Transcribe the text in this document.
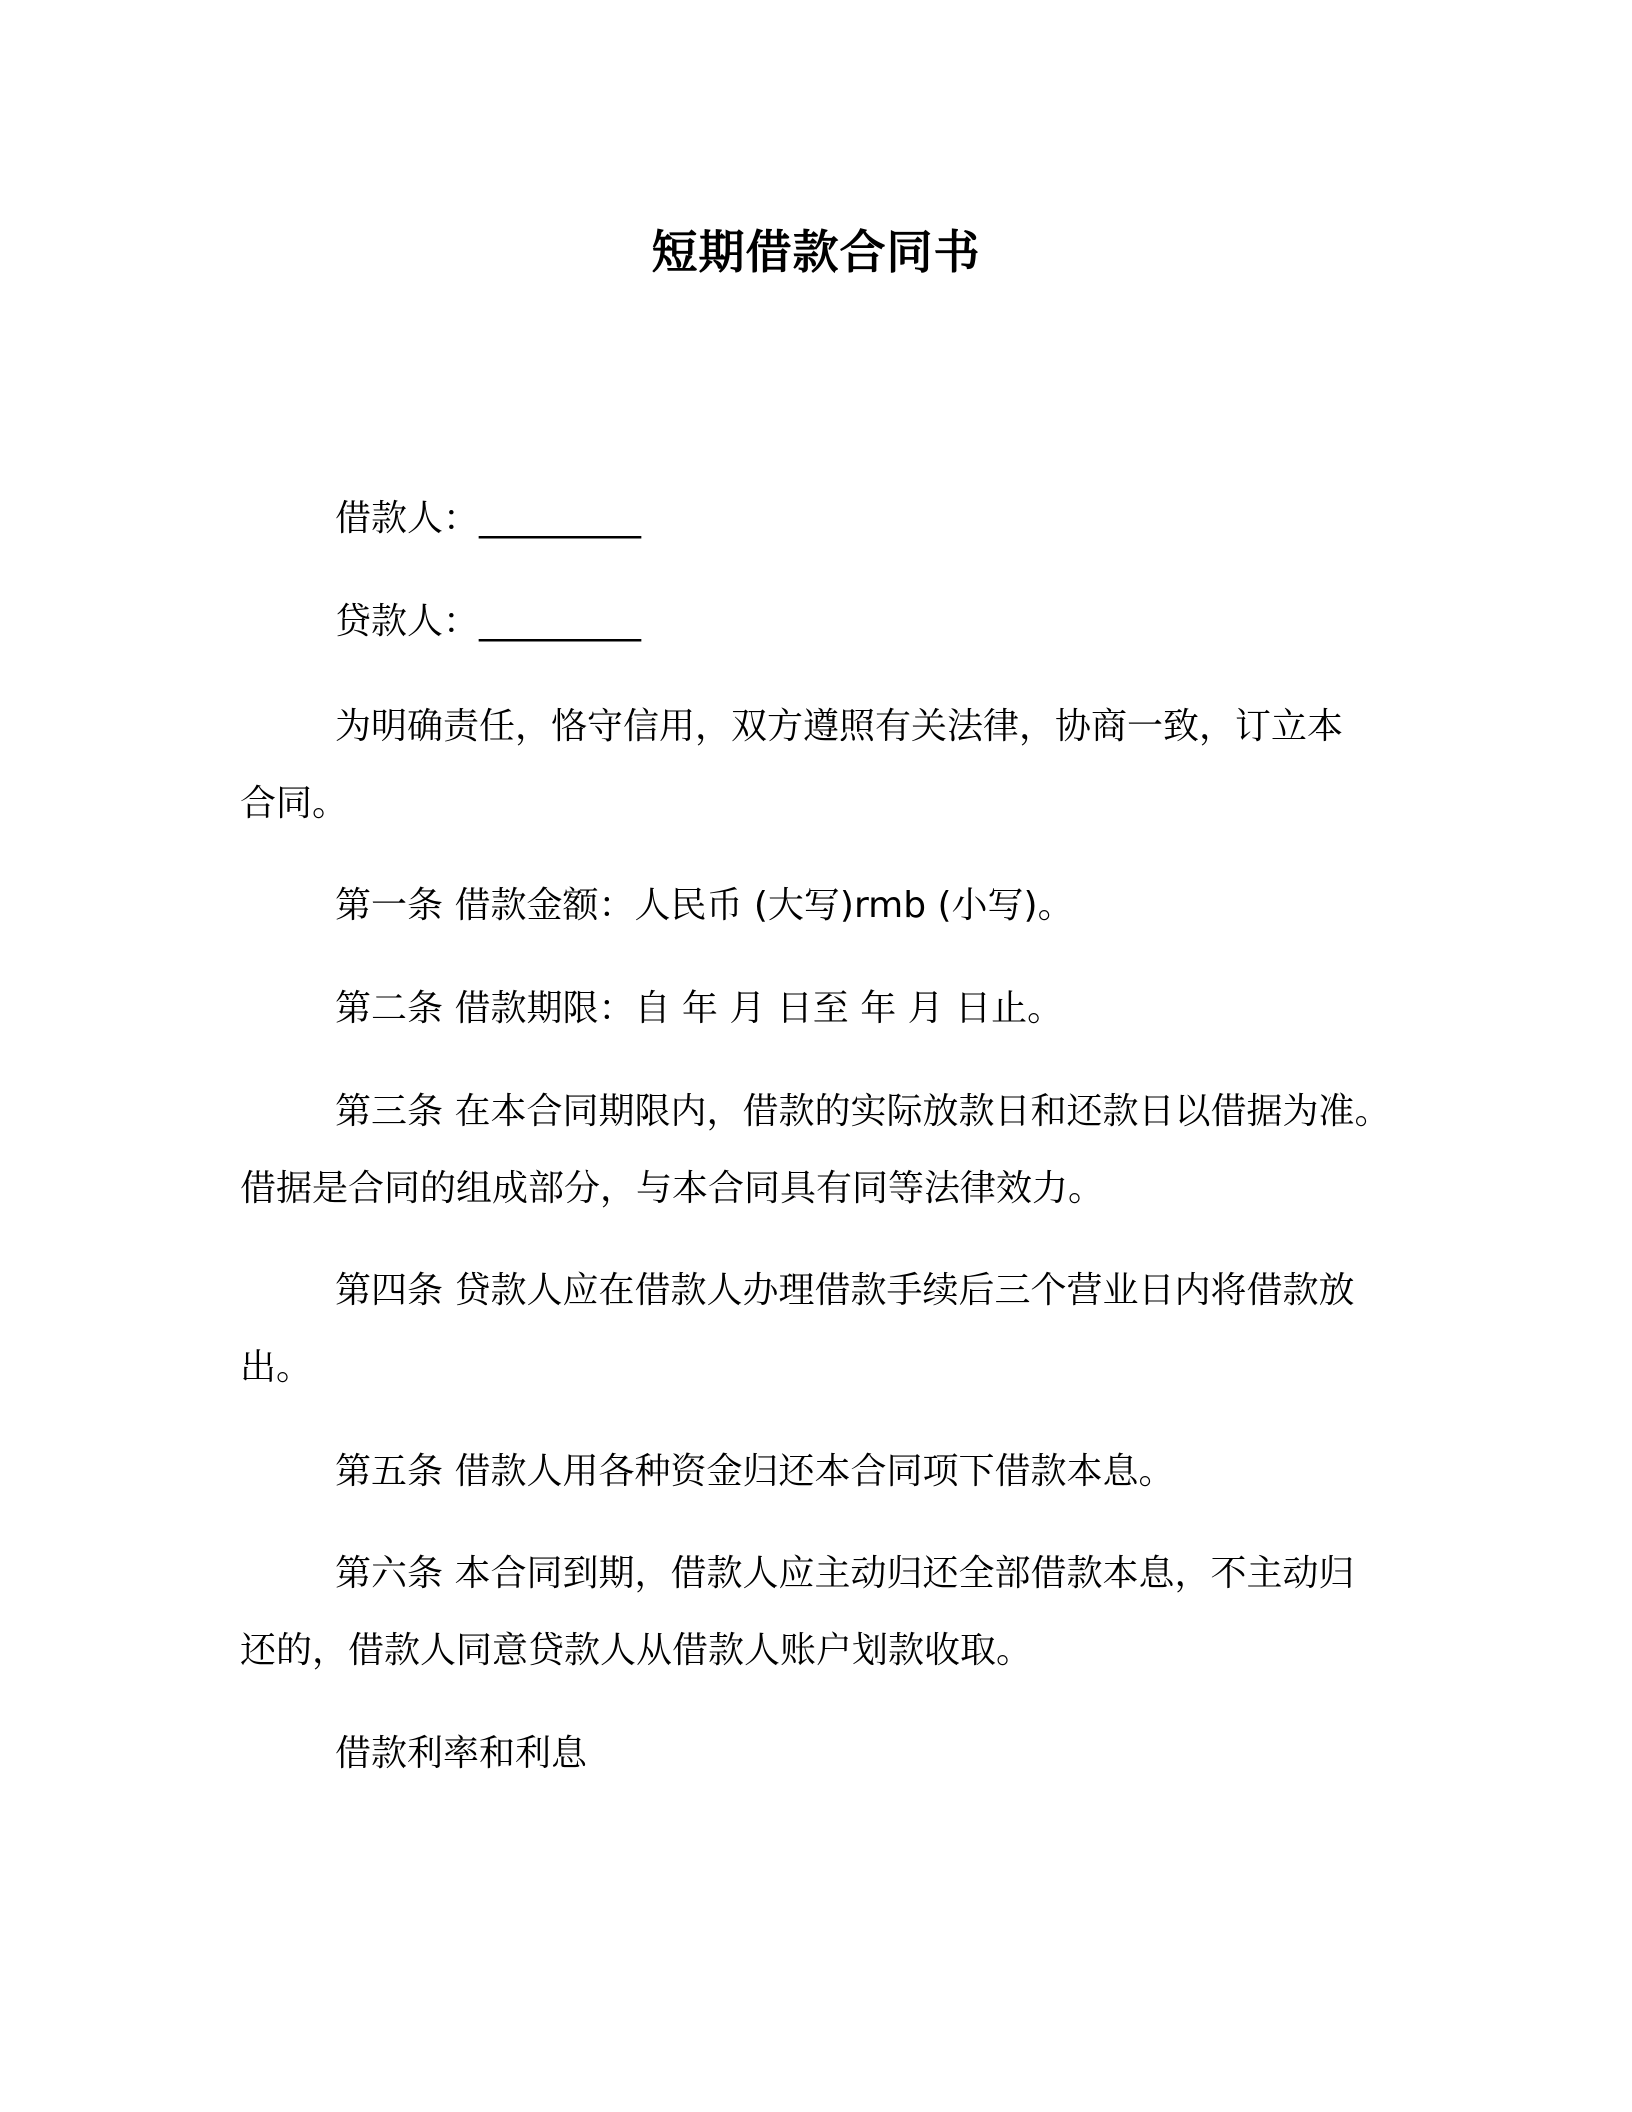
短期借款合同书
借款人：_________
贷款人：_________
为明确责任，恪守信用，双方遵照有关法律，协商一致，订立本
合同。
第一条 借款金额：人民币 (大写)rmb (小写)。
第二条 借款期限：自 年 月 日至 年 月 日止。
第三条 在本合同期限内，借款的实际放款日和还款日以借据为准。
借据是合同的组成部分，与本合同具有同等法律效力。
第四条 贷款人应在借款人办理借款手续后三个营业日内将借款放
出。
第五条 借款人用各种资金归还本合同项下借款本息。
第六条 本合同到期，借款人应主动归还全部借款本息，不主动归
还的，借款人同意贷款人从借款人账户划款收取。
借款利率和利息
